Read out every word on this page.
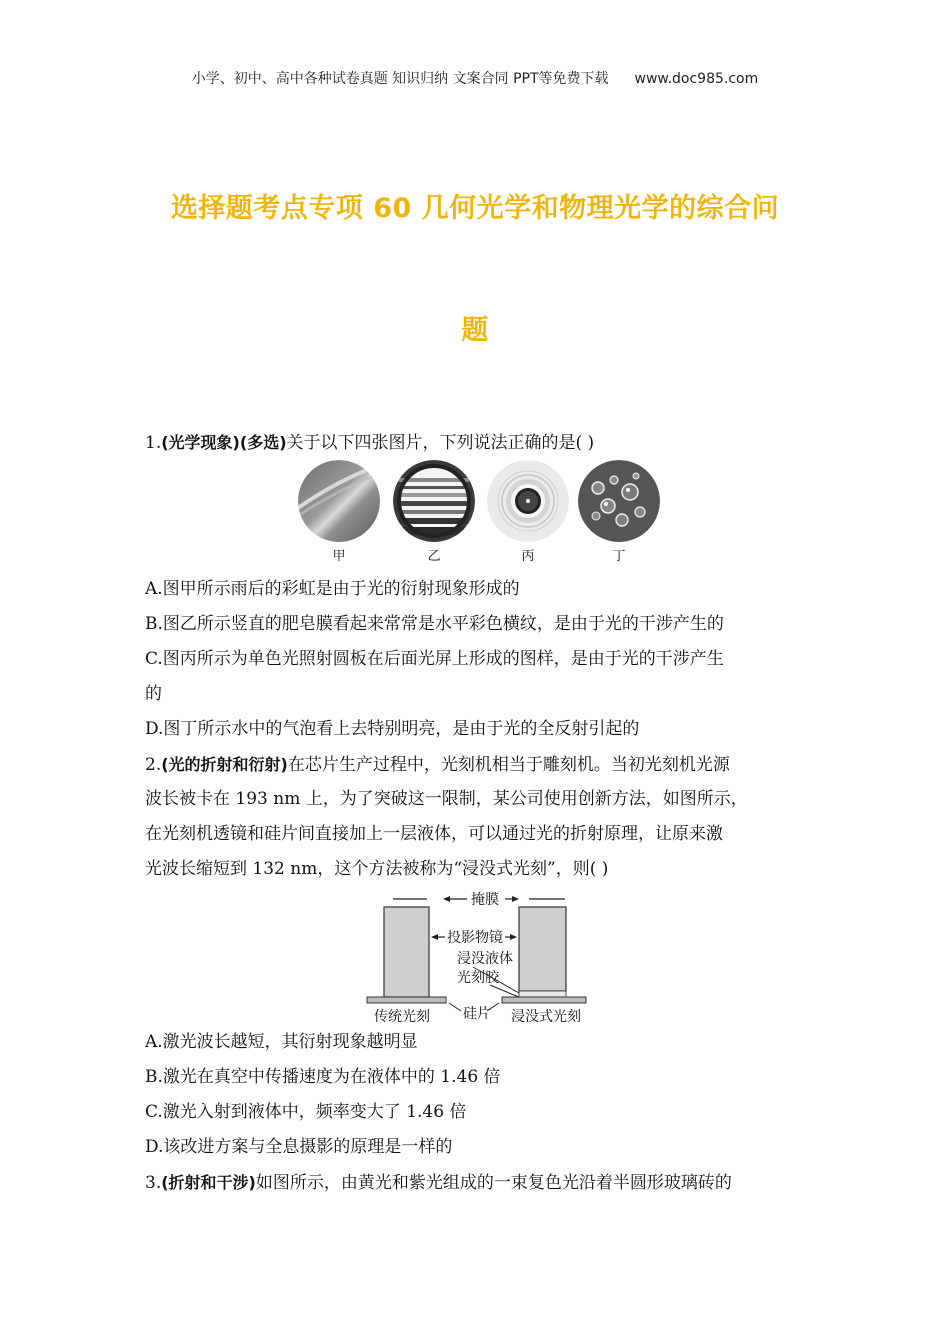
小学、初中、高中各种试卷真题 知识归纳 文案合同 PPT等免费下载 www.doc985.com
选择题考点专项 60 几何光学和物理光学的综合问
题
1.(光学现象)(多选)关于以下四张图片，下列说法正确的是( )
甲	乙	丙	丁
A.图甲所示雨后的彩虹是由于光的衍射现象形成的
B.图乙所示竖直的肥皂膜看起来常常是水平彩色横纹，是由于光的干涉产生的
C.图丙所示为单色光照射圆板在后面光屏上形成的图样，是由于光的干涉产生
的
D.图丁所示水中的气泡看上去特别明亮，是由于光的全反射引起的
2.(光的折射和衍射)在芯片生产过程中，光刻机相当于雕刻机。当初光刻机光源
波长被卡在 193 nm 上，为了突破这一限制，某公司使用创新方法，如图所示，
在光刻机透镜和硅片间直接加上一层液体，可以通过光的折射原理，让原来激
光波长缩短到 132 nm，这个方法被称为“浸没式光刻”，则( )
掩膜
投影物镜
浸没液体
光刻胶
硅片
传统光刻	浸没式光刻
A.激光波长越短，其衍射现象越明显
B.激光在真空中传播速度为在液体中的 1.46 倍
C.激光入射到液体中，频率变大了 1.46 倍
D.该改进方案与全息摄影的原理是一样的
3.(折射和干涉)如图所示，由黄光和紫光组成的一束复色光沿着半圆形玻璃砖的
